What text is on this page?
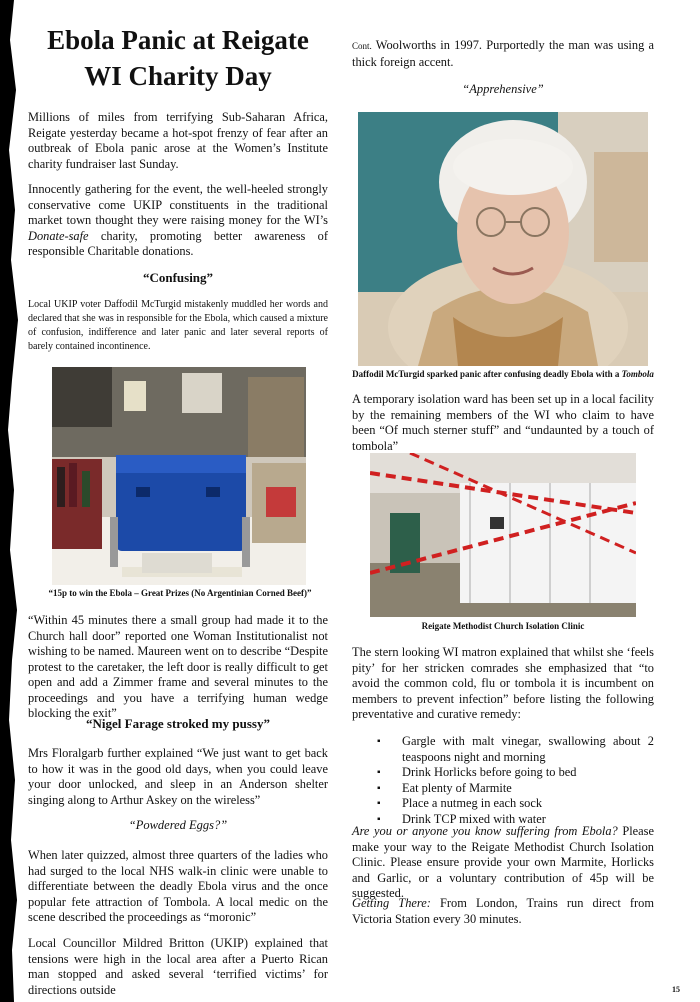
Ebola Panic at Reigate WI Charity Day

Millions of miles from terrifying Sub-Saharan Africa, Reigate yesterday became a hot-spot frenzy of fear after an outbreak of Ebola panic arose at the Women’s Institute charity fundraiser last Sunday.

Innocently gathering for the event, the well-heeled strongly conservative come UKIP constituents in the traditional market town thought they were raising money for the WI’s Donate-safe charity, promoting better awareness of responsible Charitable donations.

“Confusing”

Local UKIP voter Daffodil McTurgid mistakenly muddled her words and declared that she was in responsible for the Ebola, which caused a mixture of confusion, indifference and later panic and later several reports of barely contained incontinence.

“15p to win the Ebola – Great Prizes (No Argentinian Corned Beef)”

“Within 45 minutes there a small group had made it to the Church hall door” reported one Woman Institutionalist not wishing to be named. Maureen went on to describe “Despite protest to the caretaker, the left door is really difficult to get open and add a Zimmer frame and several minutes to the proceedings and you have a terrifying human wedge blocking the exit”

“Nigel Farage stroked my pussy”

Mrs Floralgarb further explained “We just want to get back to how it was in the good old days, when you could leave your door unlocked, and sleep in an Anderson shelter singing along to Arthur Askey on the wireless”

“Powdered Eggs?”

When later quizzed, almost three quarters of the ladies who had surged to the local NHS walk-in clinic were unable to differentiate between the deadly Ebola virus and the once popular fete attraction of Tombola. A local medic on the scene described the proceedings as “moronic”

Local Councillor Mildred Britton (UKIP) explained that tensions were high in the local area after a Puerto Rican man stopped and asked several ‘terrified victims’ for directions outside

Cont. Woolworths in 1997. Purportedly the man was using a thick foreign accent.

“Apprehensive”
Daffodil McTurgid sparked panic after confusing deadly Ebola with a Tombola

A temporary isolation ward has been set up in a local facility by the remaining members of the WI who claim to have been “Of much sterner stuff” and “undaunted by a touch of tombola”

Reigate Methodist Church Isolation Clinic

The stern looking WI matron explained that whilst she ‘feels pity’ for her stricken comrades she emphasized that “to avoid the common cold, flu or tombola it is incumbent on members to prevent infection” before listing the following preventative and curative remedy:

▪ Gargle with malt vinegar, swallowing about 2 teaspoons night and morning
▪ Drink Horlicks before going to bed
▪ Eat plenty of Marmite
▪ Place a nutmeg in each sock
▪ Drink TCP mixed with water

Are you or anyone you know suffering from Ebola? Please make your way to the Reigate Methodist Church Isolation Clinic. Please ensure provide your own Marmite, Horlicks and Garlic, or a voluntary contribution of 45p will be suggested.

Getting There: From London, Trains run direct from Victoria Station every 30 minutes.

15
